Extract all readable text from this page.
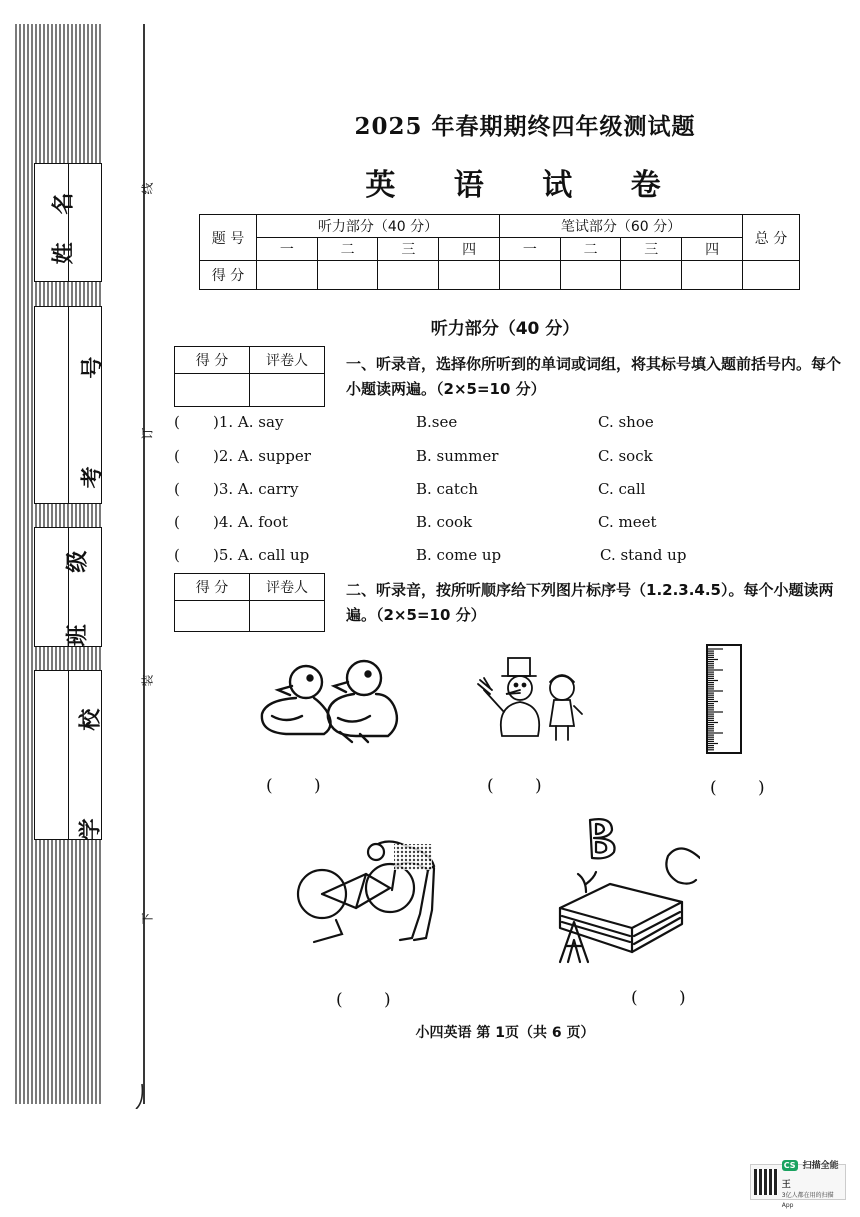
姓 名
考 号
班 级
学 校
线
订
装
下
2025 年春期期终四年级测试题
英 语 试 卷
题 号	听力部分（40 分）				笔试部分（60 分）				总 分
	一	二	三	四	一	二	三	四	
得 分									
听力部分（40 分）
得 分	评卷人
		一、听录音，选择你所听到的单词或词组，将其标号填入题前括号内。每个小题读两遍。（2×5=10 分）
( )1. A. say	B.see	C. shoe
( )2. A. supper	B. summer	C. sock
( )3. A. carry	B. catch	C. call
( )4. A. foot	B. cook	C. meet
( )5. A. call up	B. come up	C. stand up
得 分	评卷人
		二、听录音，按所听顺序给下列图片标序号（1.2.3.4.5）。每个小题读两遍。（2×5=10 分）
( )	( )	( )
( )	( )
小四英语 第 1页（共 6 页）
CS 扫描全能王
3亿人都在用的扫描App
